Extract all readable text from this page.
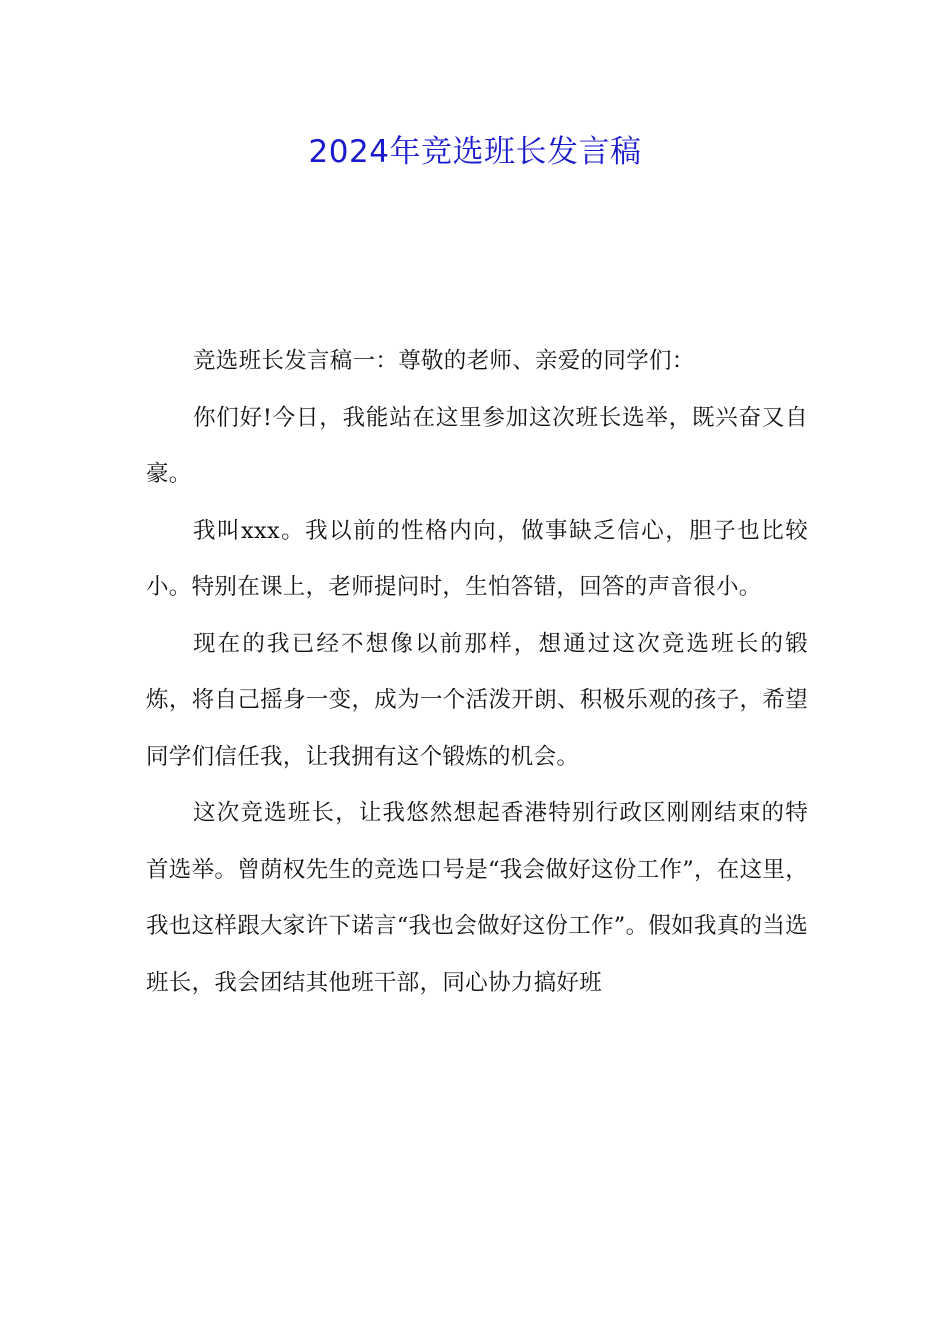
2024年竞选班长发言稿

竞选班长发言稿一：尊敬的老师、亲爱的同学们：

你们好!今日，我能站在这里参加这次班长选举，既兴奋又自豪。

我叫xxx。我以前的性格内向，做事缺乏信心，胆子也比较小。特别在课上，老师提问时，生怕答错，回答的声音很小。

现在的我已经不想像以前那样，想通过这次竞选班长的锻炼，将自己摇身一变，成为一个活泼开朗、积极乐观的孩子，希望同学们信任我，让我拥有这个锻炼的机会。

这次竞选班长，让我悠然想起香港特别行政区刚刚结束的特首选举。曾荫权先生的竞选口号是“我会做好这份工作”，在这里，我也这样跟大家许下诺言“我也会做好这份工作”。假如我真的当选班长，我会团结其他班干部，同心协力搞好班
